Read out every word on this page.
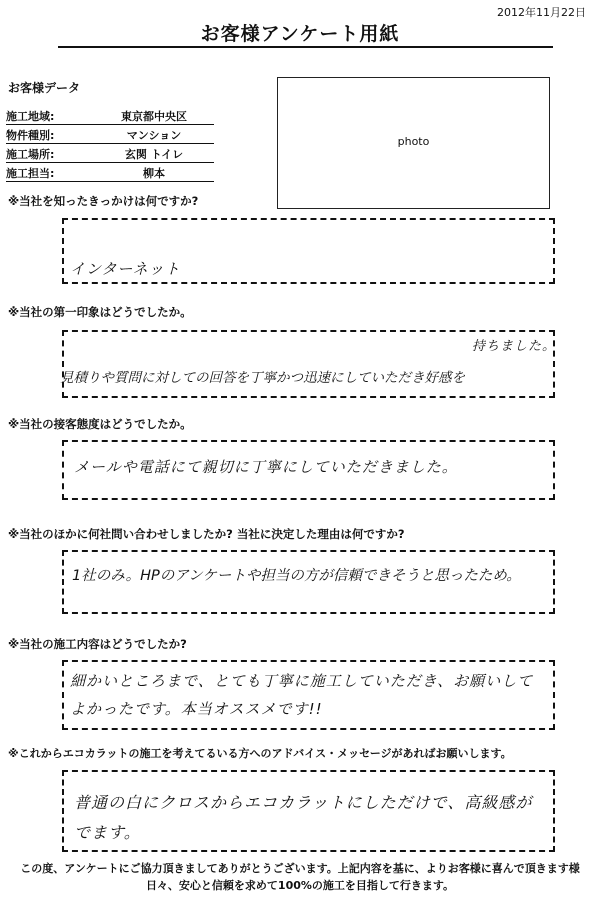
2012年11月22日
お客様アンケート用紙
お客様データ
施工地域:	東京都中央区
物件種別:	マンション
施工場所:	玄関 トイレ
施工担当:	柳本
photo
※当社を知ったきっかけは何ですか?
インターネット
※当社の第一印象はどうでしたか。
持ちました。
見積りや質問に対しての回答を丁寧かつ迅速にしていただき好感を
※当社の接客態度はどうでしたか。
メールや電話にて親切に丁寧にしていただきました。
※当社のほかに何社問い合わせしましたか? 当社に決定した理由は何ですか?
1社のみ。HPのアンケートや担当の方が信頼できそうと思ったため。
※当社の施工内容はどうでしたか?
細かいところまで、とても丁寧に施工していただき、お願いして
よかったです。本当オススメです!!
※これからエコカラットの施工を考えてるいる方へのアドバイス・メッセージがあればお願いします。
普通の白にクロスからエコカラットにしただけで、高級感が
でます。
この度、アンケートにご協力頂きましてありがとうございます。上記内容を基に、よりお客様に喜んで頂きます様
日々、安心と信頼を求めて100%の施工を目指して行きます。
